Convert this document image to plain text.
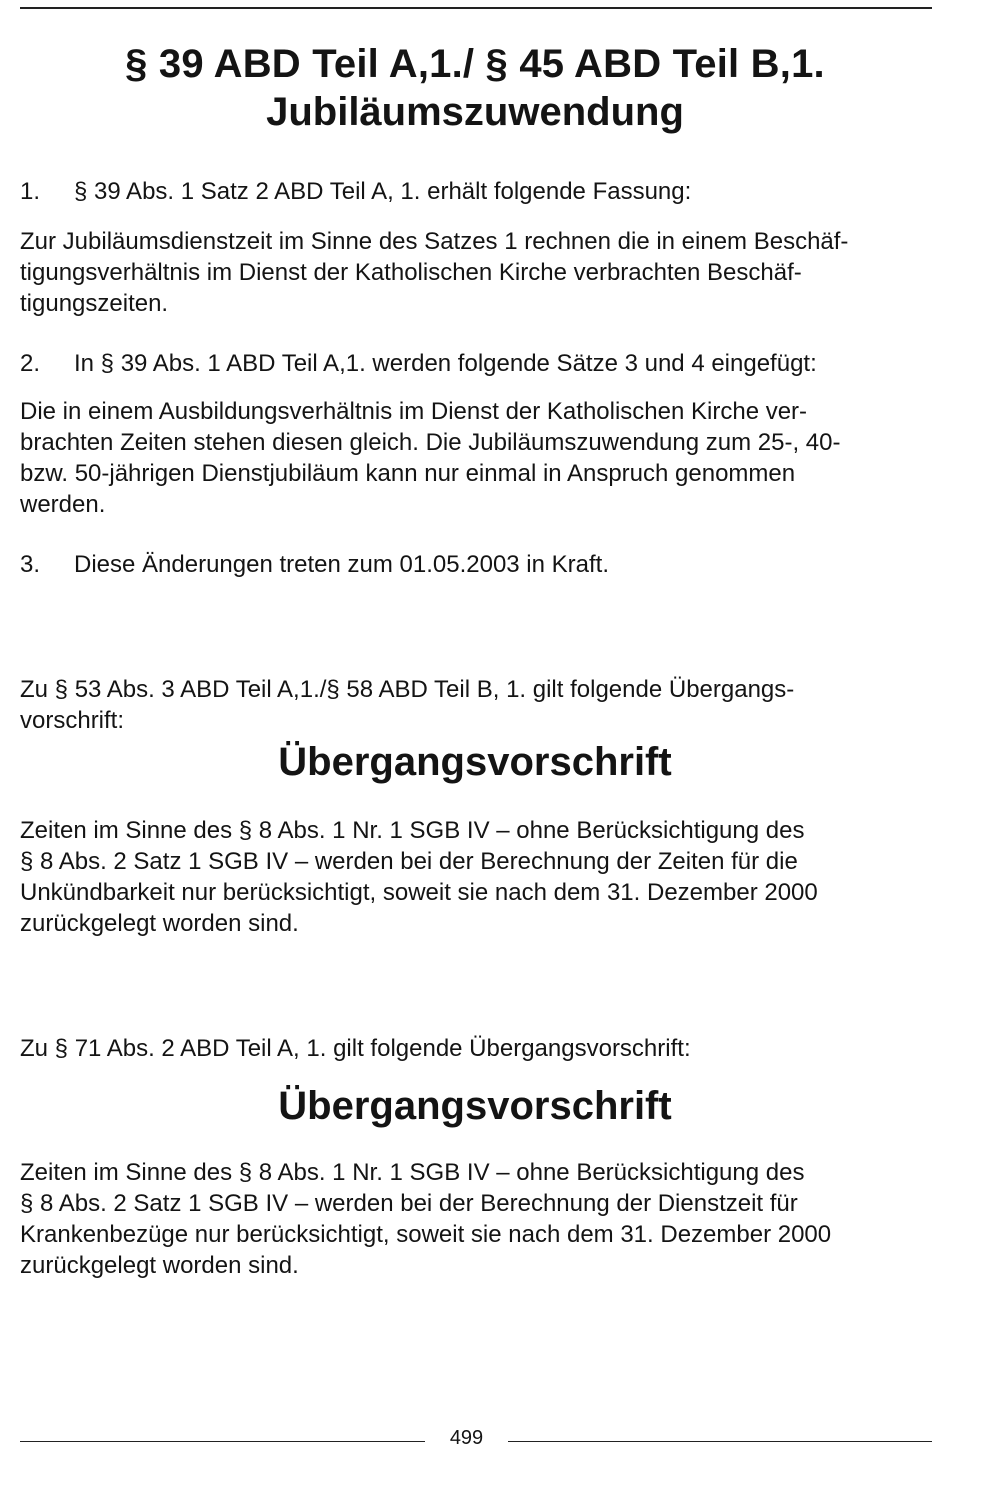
§ 39 ABD Teil A,1./ § 45 ABD Teil B,1.
Jubiläumszuwendung

1. § 39 Abs. 1 Satz 2 ABD Teil A, 1. erhält folgende Fassung:

Zur Jubiläumsdienstzeit im Sinne des Satzes 1 rechnen die in einem Beschäf-
tigungsverhältnis im Dienst der Katholischen Kirche verbrachten Beschäf-
tigungszeiten.

2. In § 39 Abs. 1 ABD Teil A,1. werden folgende Sätze 3 und 4 eingefügt:

Die in einem Ausbildungsverhältnis im Dienst der Katholischen Kirche ver-
brachten Zeiten stehen diesen gleich. Die Jubiläumszuwendung zum 25-, 40-
bzw. 50-jährigen Dienstjubiläum kann nur einmal in Anspruch genommen
werden.

3. Diese Änderungen treten zum 01.05.2003 in Kraft.

Zu § 53 Abs. 3 ABD Teil A,1./§ 58 ABD Teil B, 1. gilt folgende Übergangs-
vorschrift:

Übergangsvorschrift

Zeiten im Sinne des § 8 Abs. 1 Nr. 1 SGB IV – ohne Berücksichtigung des
§ 8 Abs. 2 Satz 1 SGB IV – werden bei der Berechnung der Zeiten für die
Unkündbarkeit nur berücksichtigt, soweit sie nach dem 31. Dezember 2000
zurückgelegt worden sind.

Zu § 71 Abs. 2 ABD Teil A, 1. gilt folgende Übergangsvorschrift:

Übergangsvorschrift

Zeiten im Sinne des § 8 Abs. 1 Nr. 1 SGB IV – ohne Berücksichtigung des
§ 8 Abs. 2 Satz 1 SGB IV – werden bei der Berechnung der Dienstzeit für
Krankenbezüge nur berücksichtigt, soweit sie nach dem 31. Dezember 2000
zurückgelegt worden sind.

499
